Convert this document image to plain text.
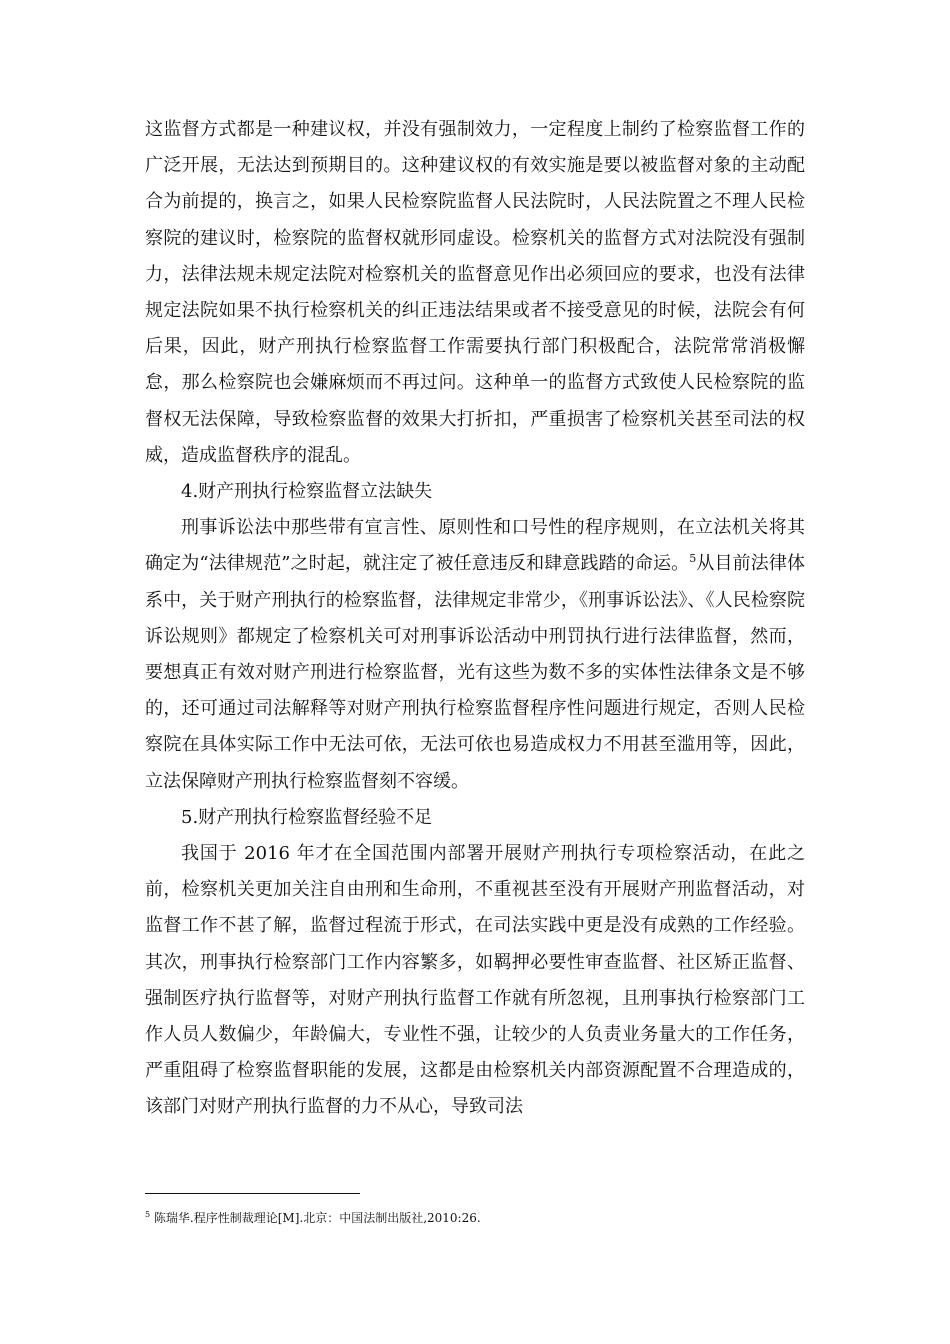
这监督方式都是一种建议权，并没有强制效力，一定程度上制约了检察监督工作的广泛开展，无法达到预期目的。这种建议权的有效实施是要以被监督对象的主动配合为前提的，换言之，如果人民检察院监督人民法院时，人民法院置之不理人民检察院的建议时，检察院的监督权就形同虚设。检察机关的监督方式对法院没有强制力，法律法规未规定法院对检察机关的监督意见作出必须回应的要求，也没有法律规定法院如果不执行检察机关的纠正违法结果或者不接受意见的时候，法院会有何后果，因此，财产刑执行检察监督工作需要执行部门积极配合，法院常常消极懈怠，那么检察院也会嫌麻烦而不再过问。这种单一的监督方式致使人民检察院的监督权无法保障，导致检察监督的效果大打折扣，严重损害了检察机关甚至司法的权威，造成监督秩序的混乱。

4.财产刑执行检察监督立法缺失

刑事诉讼法中那些带有宣言性、原则性和口号性的程序规则，在立法机关将其确定为“法律规范”之时起，就注定了被任意违反和肆意践踏的命运。$^5$从目前法律体系中，关于财产刑执行的检察监督，法律规定非常少，《刑事诉讼法》、《人民检察院诉讼规则》都规定了检察机关可对刑事诉讼活动中刑罚执行进行法律监督，然而，要想真正有效对财产刑进行检察监督，光有这些为数不多的实体性法律条文是不够的，还可通过司法解释等对财产刑执行检察监督程序性问题进行规定，否则人民检察院在具体实际工作中无法可依，无法可依也易造成权力不用甚至滥用等，因此，立法保障财产刑执行检察监督刻不容缓。

5.财产刑执行检察监督经验不足

我国于 2016 年才在全国范围内部署开展财产刑执行专项检察活动，在此之前，检察机关更加关注自由刑和生命刑，不重视甚至没有开展财产刑监督活动，对监督工作不甚了解，监督过程流于形式，在司法实践中更是没有成熟的工作经验。其次，刑事执行检察部门工作内容繁多，如羁押必要性审查监督、社区矫正监督、强制医疗执行监督等，对财产刑执行监督工作就有所忽视，且刑事执行检察部门工作人员人数偏少，年龄偏大，专业性不强，让较少的人负责业务量大的工作任务，严重阻碍了检察监督职能的发展，这都是由检察机关内部资源配置不合理造成的，该部门对财产刑执行监督的力不从心，导致司法

$^5$ 陈瑞华.程序性制裁理论[M].北京：中国法制出版社,2010:26.
